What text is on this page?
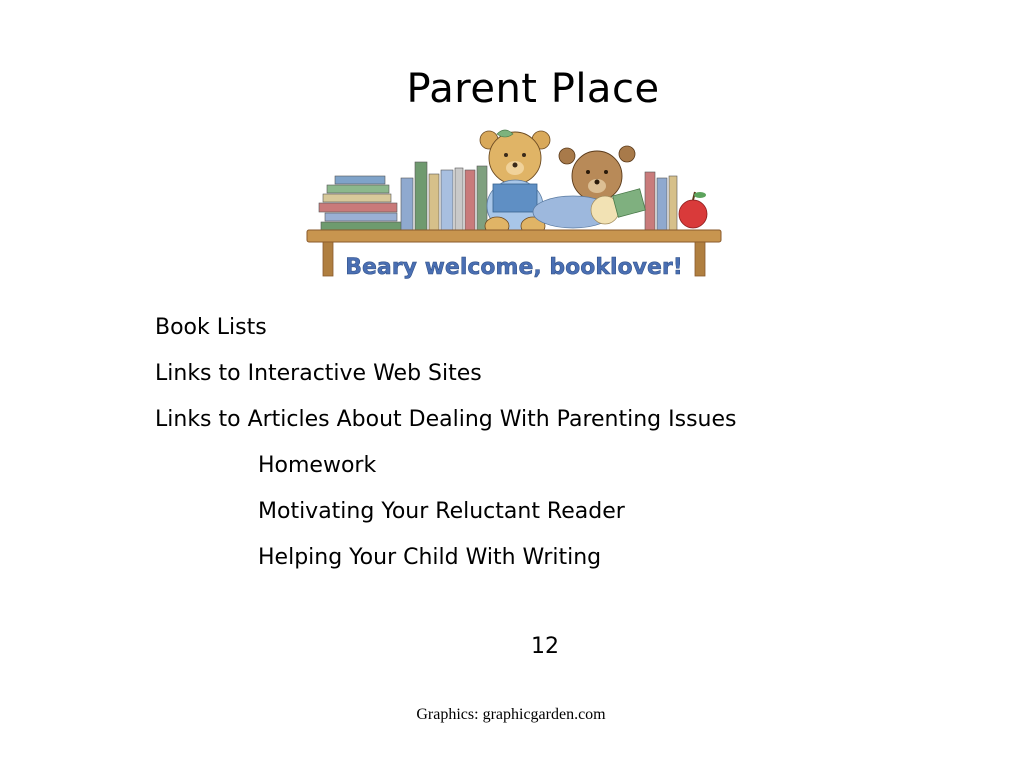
Parent Place
Beary welcome, booklover!
Book Lists
Links to Interactive Web Sites
Links to Articles About Dealing With Parenting Issues
Homework
Motivating Your Reluctant Reader
Helping Your Child With Writing
12
Graphics: graphicgarden.com
